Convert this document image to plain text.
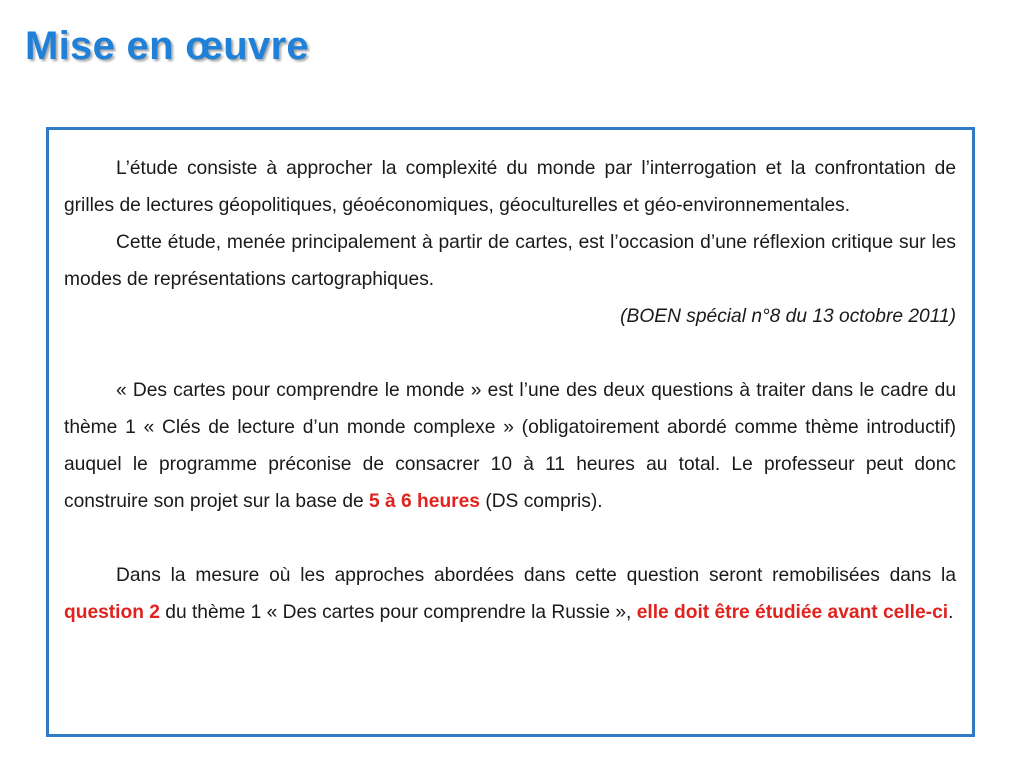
Mise en œuvre

L’étude consiste à approcher la complexité du monde par l’interrogation et la confrontation de grilles de lectures géopolitiques, géoéconomiques, géoculturelles et géo-environnementales.

Cette étude, menée principalement à partir de cartes, est l’occasion d’une réflexion critique sur les modes de représentations cartographiques.

(BOEN spécial n°8 du 13 octobre 2011)

« Des cartes pour comprendre le monde » est l’une des deux questions à traiter dans le cadre du thème 1 « Clés de lecture d’un monde complexe » (obligatoirement abordé comme thème introductif) auquel le programme préconise de consacrer 10 à 11 heures au total. Le professeur peut donc construire son projet sur la base de 5 à 6 heures (DS compris).

Dans la mesure où les approches abordées dans cette question seront remobilisées dans la question 2 du thème 1 « Des cartes pour comprendre la Russie », elle doit être étudiée avant celle-ci.
